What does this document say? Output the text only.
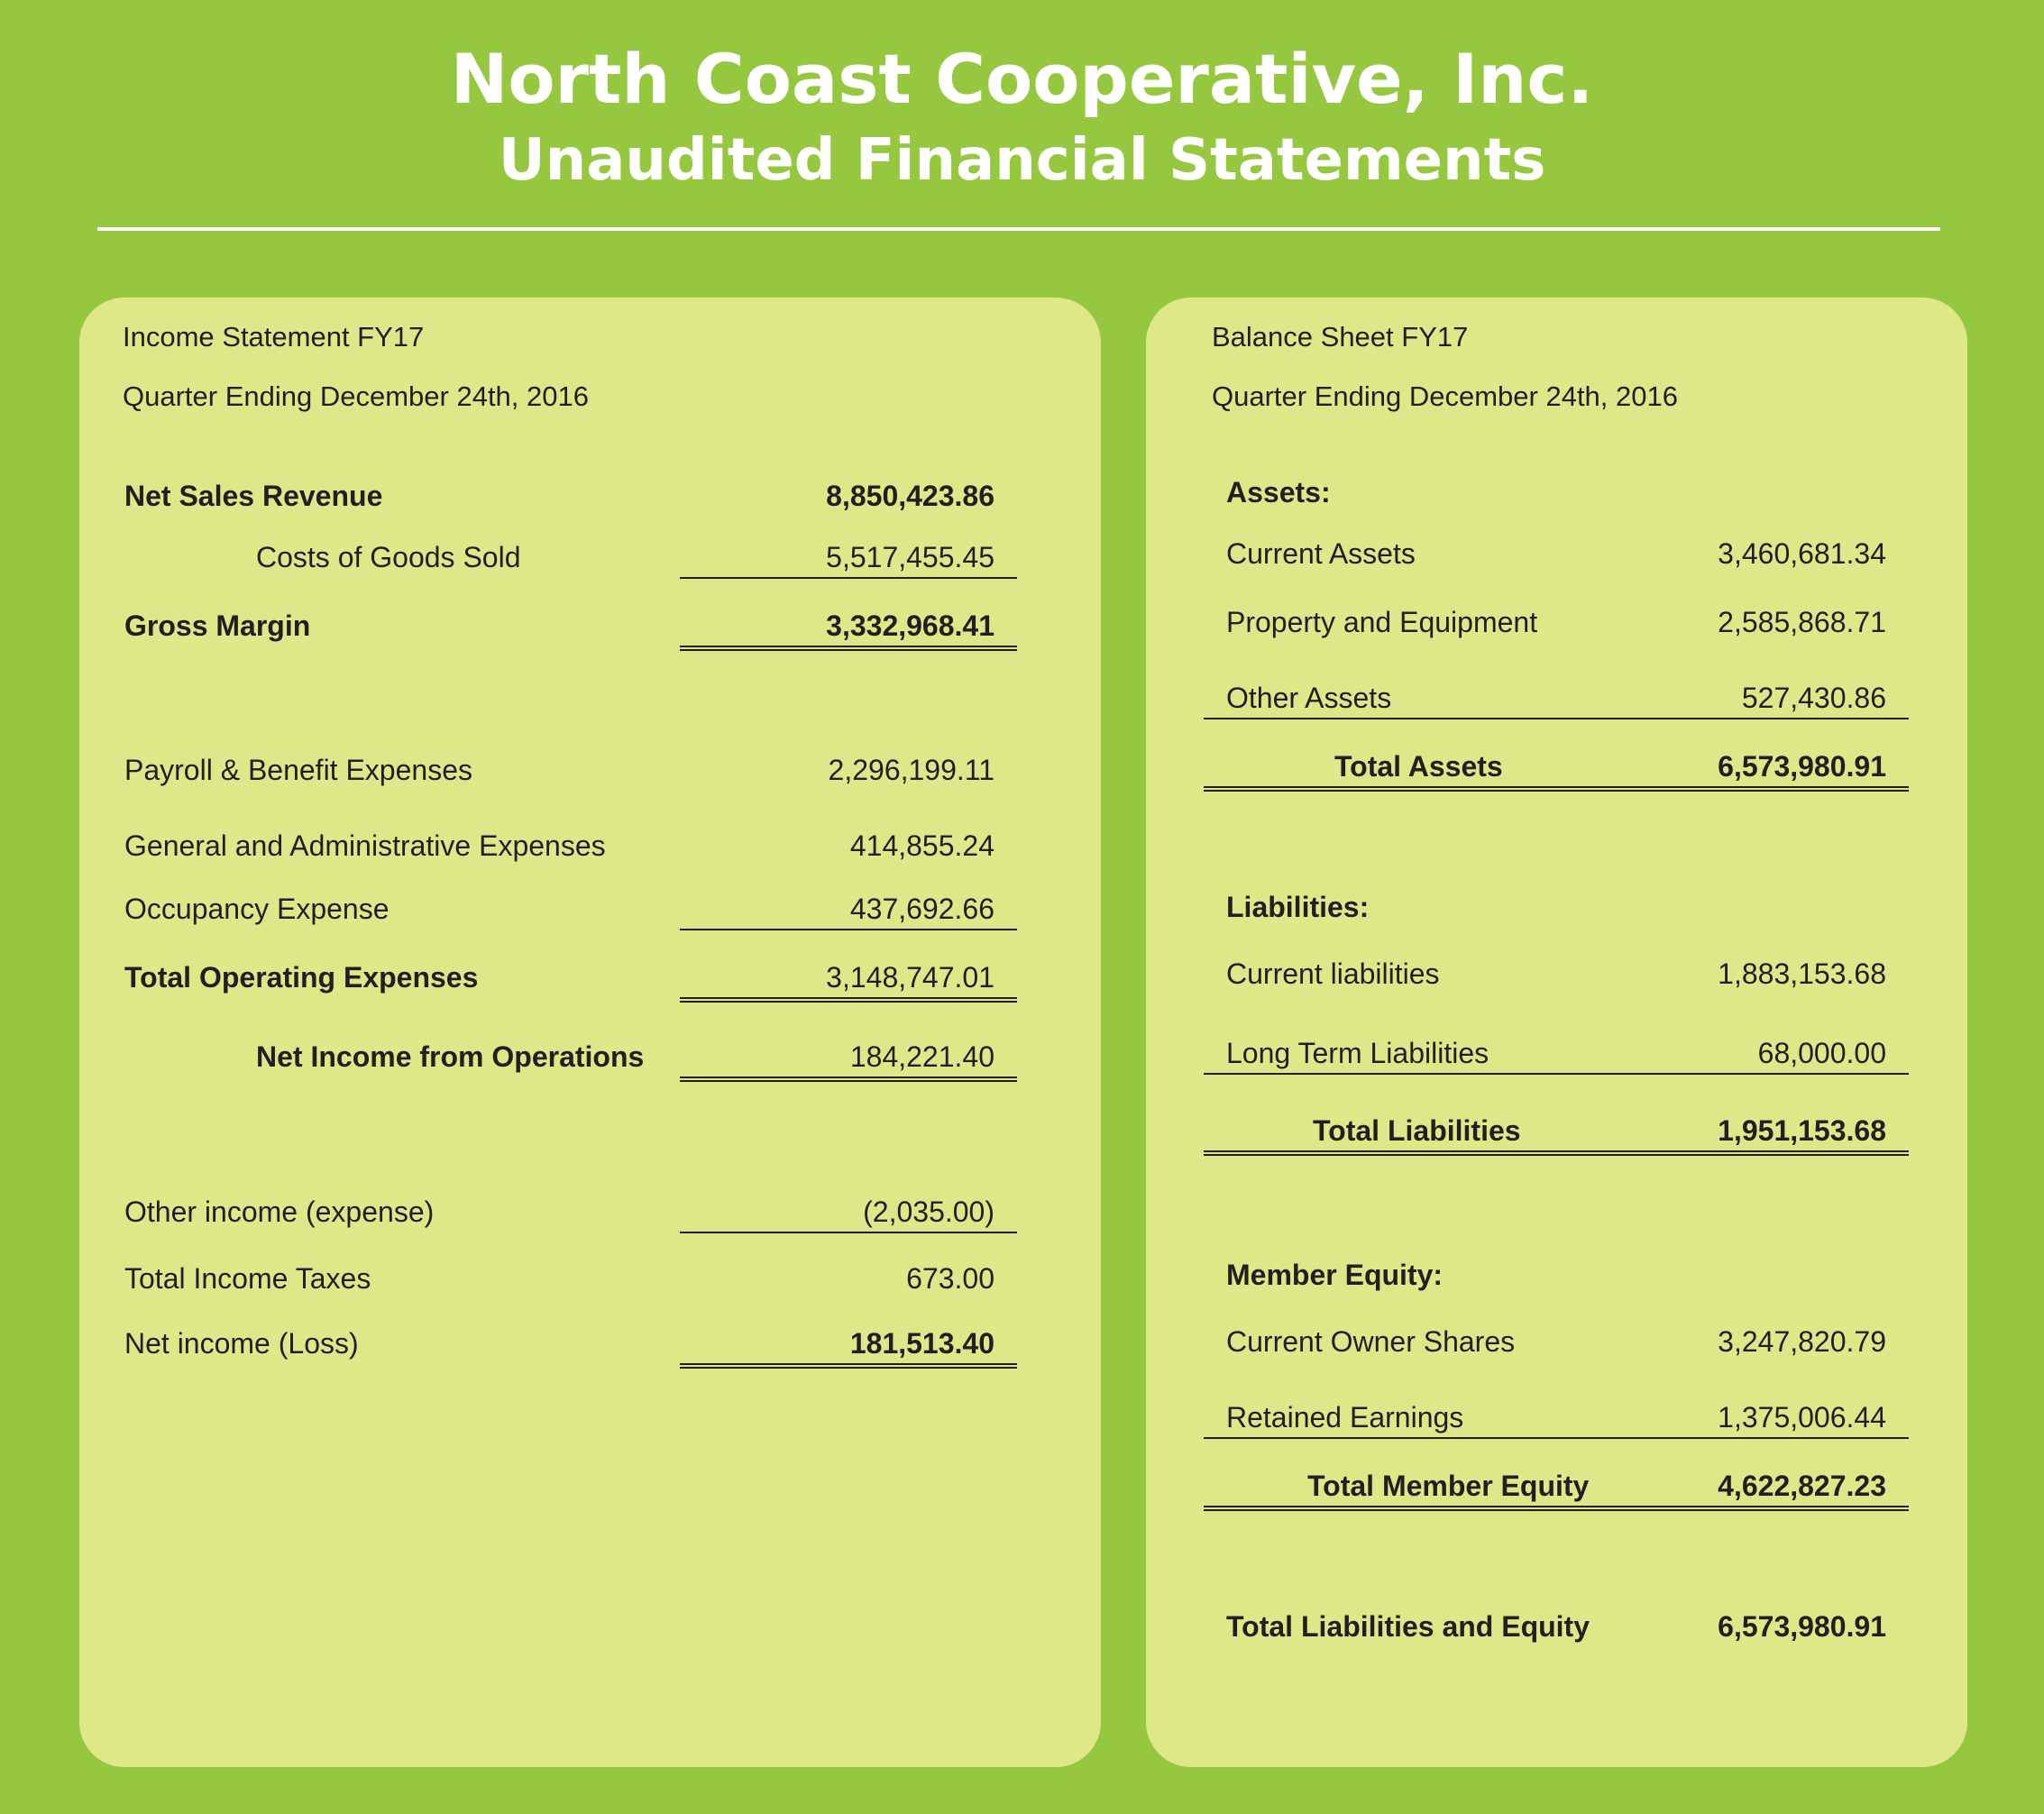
North Coast Cooperative, Inc.
Unaudited Financial Statements
Income Statement FY17
Quarter Ending December 24th, 2016
Net Sales Revenue	8,850,423.86
Costs of Goods Sold	5,517,455.45
Gross Margin	3,332,968.41
Payroll & Benefit Expenses	2,296,199.11
General and Administrative Expenses	414,855.24
Occupancy Expense	437,692.66
Total Operating Expenses	3,148,747.01
Net Income from Operations	184,221.40
Other income (expense)	(2,035.00)
Total Income Taxes	673.00
Net income (Loss)	181,513.40
Balance Sheet FY17
Quarter Ending December 24th, 2016
Assets:
Current Assets	3,460,681.34
Property and Equipment	2,585,868.71
Other Assets	527,430.86
Total Assets	6,573,980.91
Liabilities:
Current liabilities	1,883,153.68
Long Term Liabilities	68,000.00
Total Liabilities	1,951,153.68
Member Equity:
Current Owner Shares	3,247,820.79
Retained Earnings	1,375,006.44
Total Member Equity	4,622,827.23
Total Liabilities and Equity	6,573,980.91
